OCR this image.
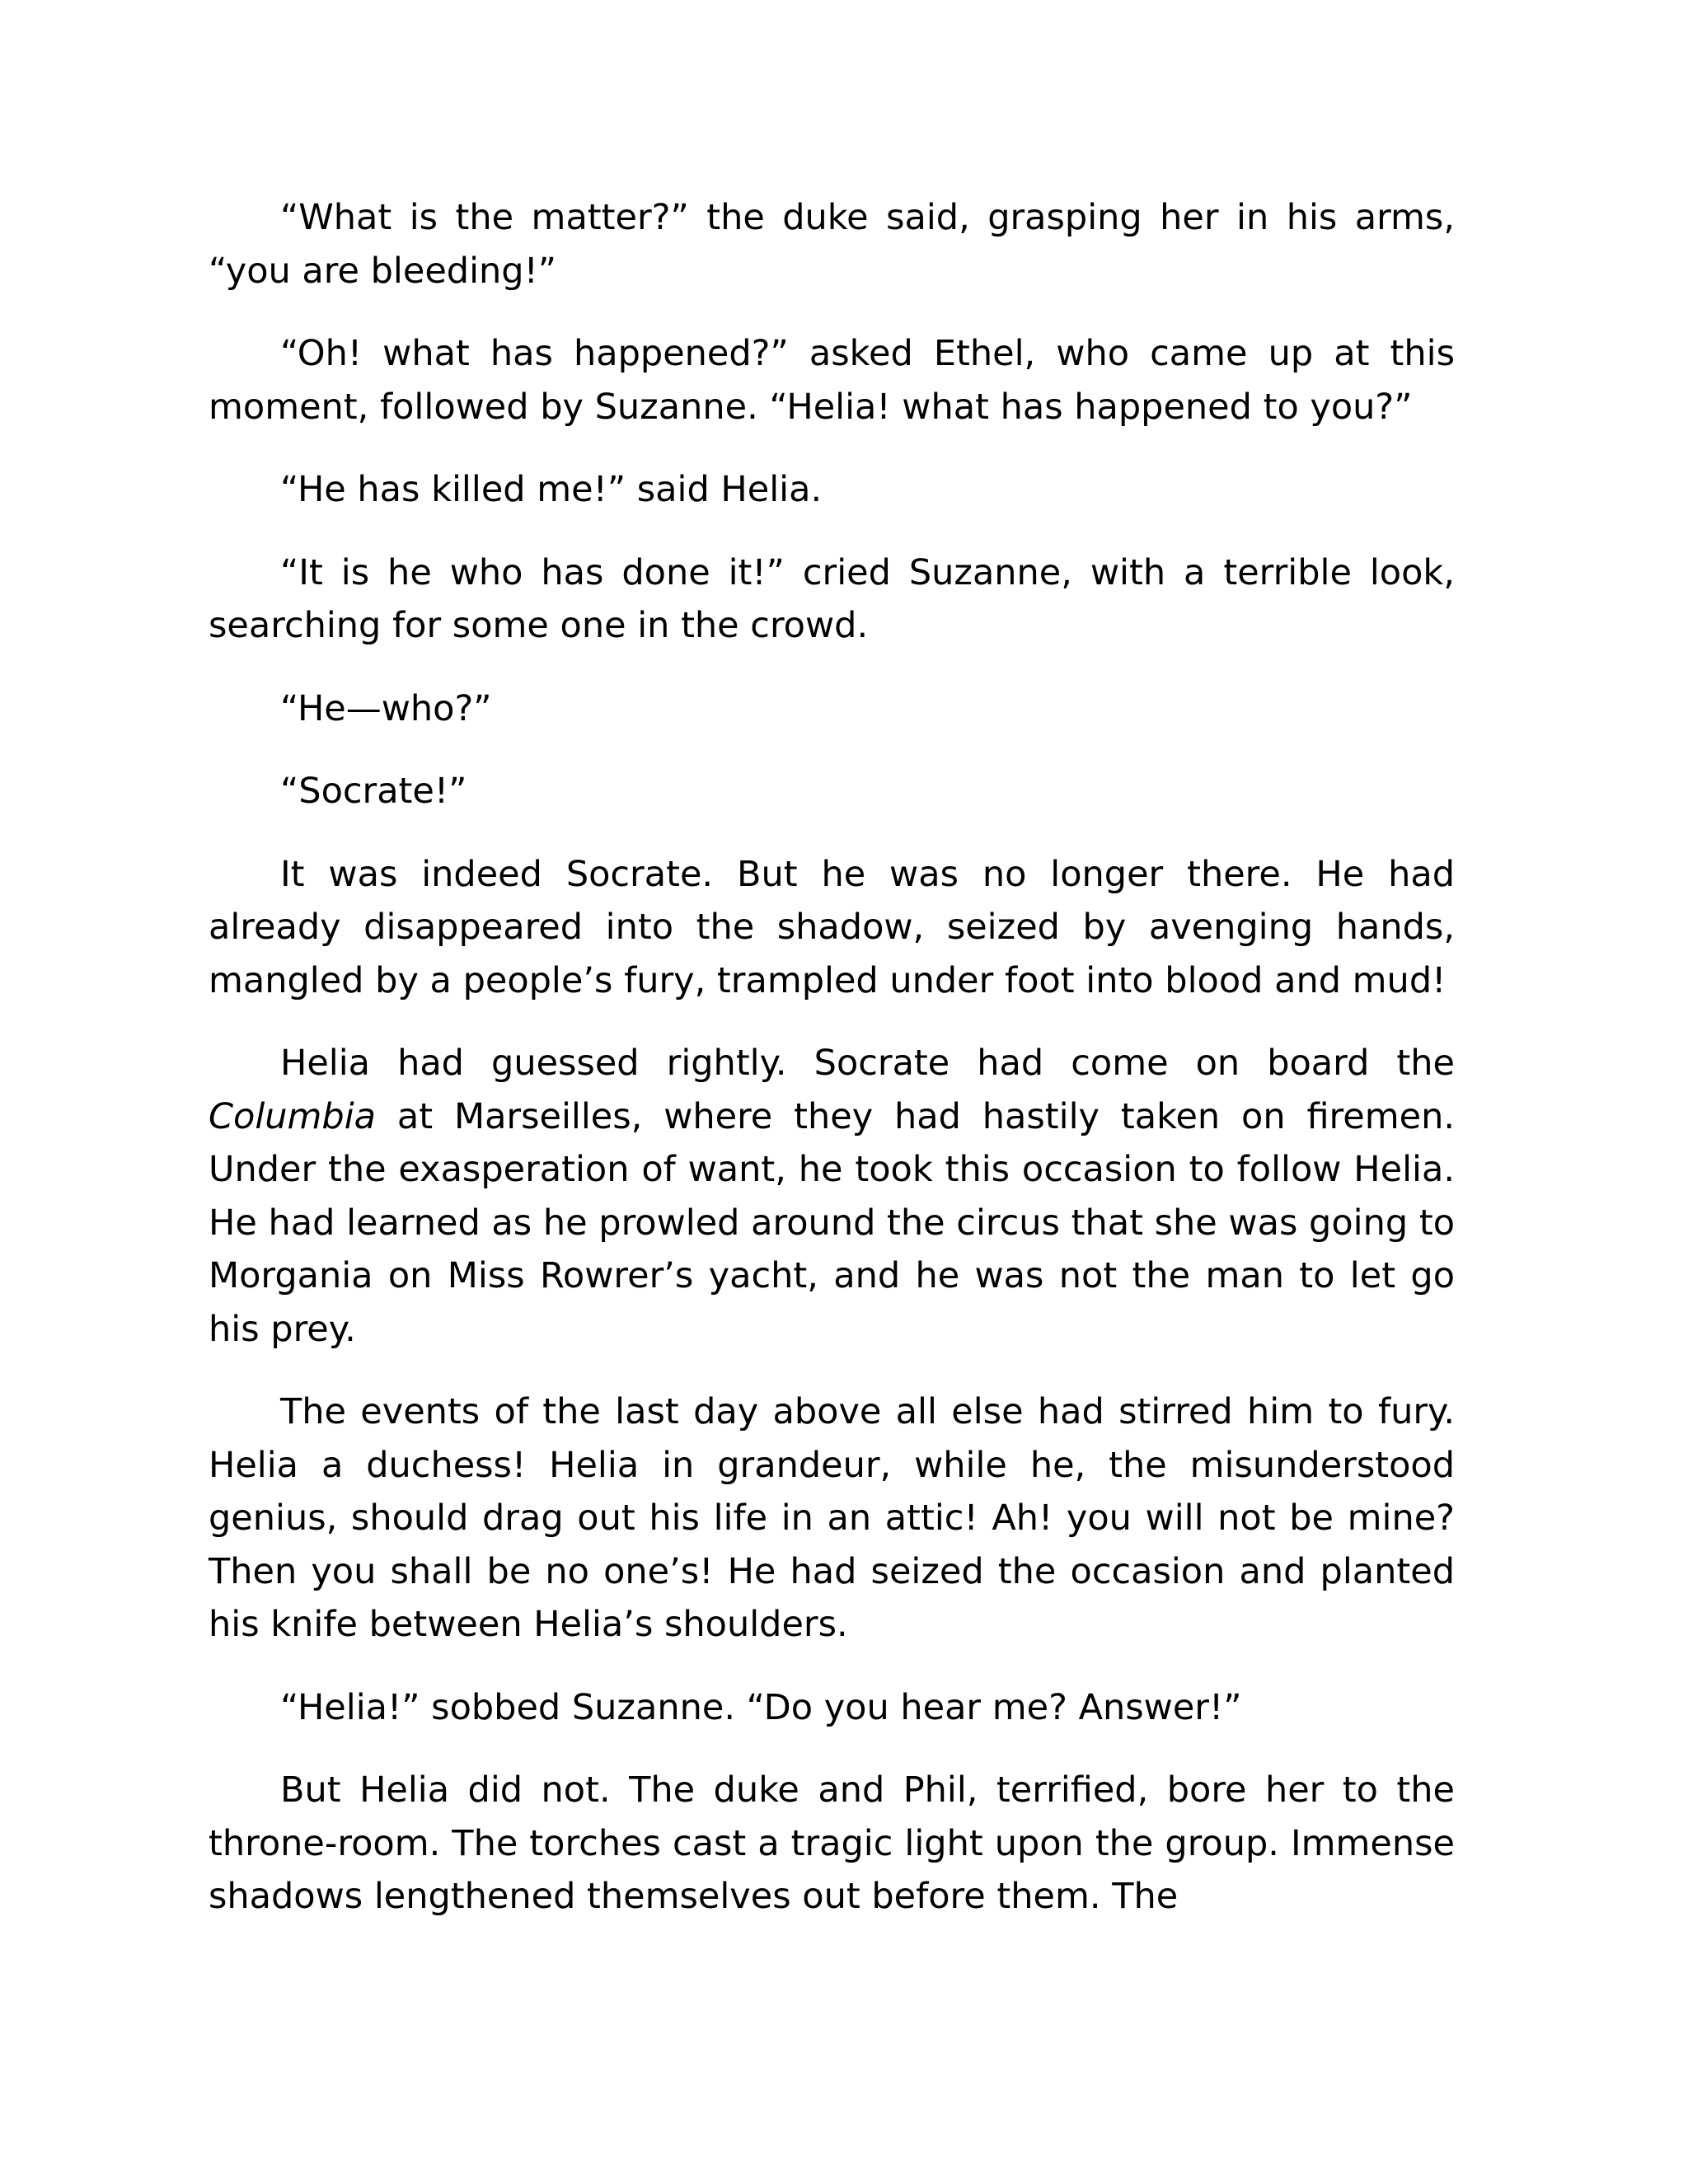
“What is the matter?” the duke said, grasping her in his arms, “you are bleeding!”

“Oh! what has happened?” asked Ethel, who came up at this moment, followed by Suzanne. “Helia! what has happened to you?”

“He has killed me!” said Helia.

“It is he who has done it!” cried Suzanne, with a terrible look, searching for some one in the crowd.

“He—who?”

“Socrate!”

It was indeed Socrate. But he was no longer there. He had already disappeared into the shadow, seized by avenging hands, mangled by a people’s fury, trampled under foot into blood and mud!

Helia had guessed rightly. Socrate had come on board the Columbia at Marseilles, where they had hastily taken on firemen. Under the exasperation of want, he took this occasion to follow Helia. He had learned as he prowled around the circus that she was going to Morgania on Miss Rowrer’s yacht, and he was not the man to let go his prey.

The events of the last day above all else had stirred him to fury. Helia a duchess! Helia in grandeur, while he, the misunderstood genius, should drag out his life in an attic! Ah! you will not be mine? Then you shall be no one’s! He had seized the occasion and planted his knife between Helia’s shoulders.

“Helia!” sobbed Suzanne. “Do you hear me? Answer!”

But Helia did not. The duke and Phil, terrified, bore her to the throne-room. The torches cast a tragic light upon the group. Immense shadows lengthened themselves out before them. The
